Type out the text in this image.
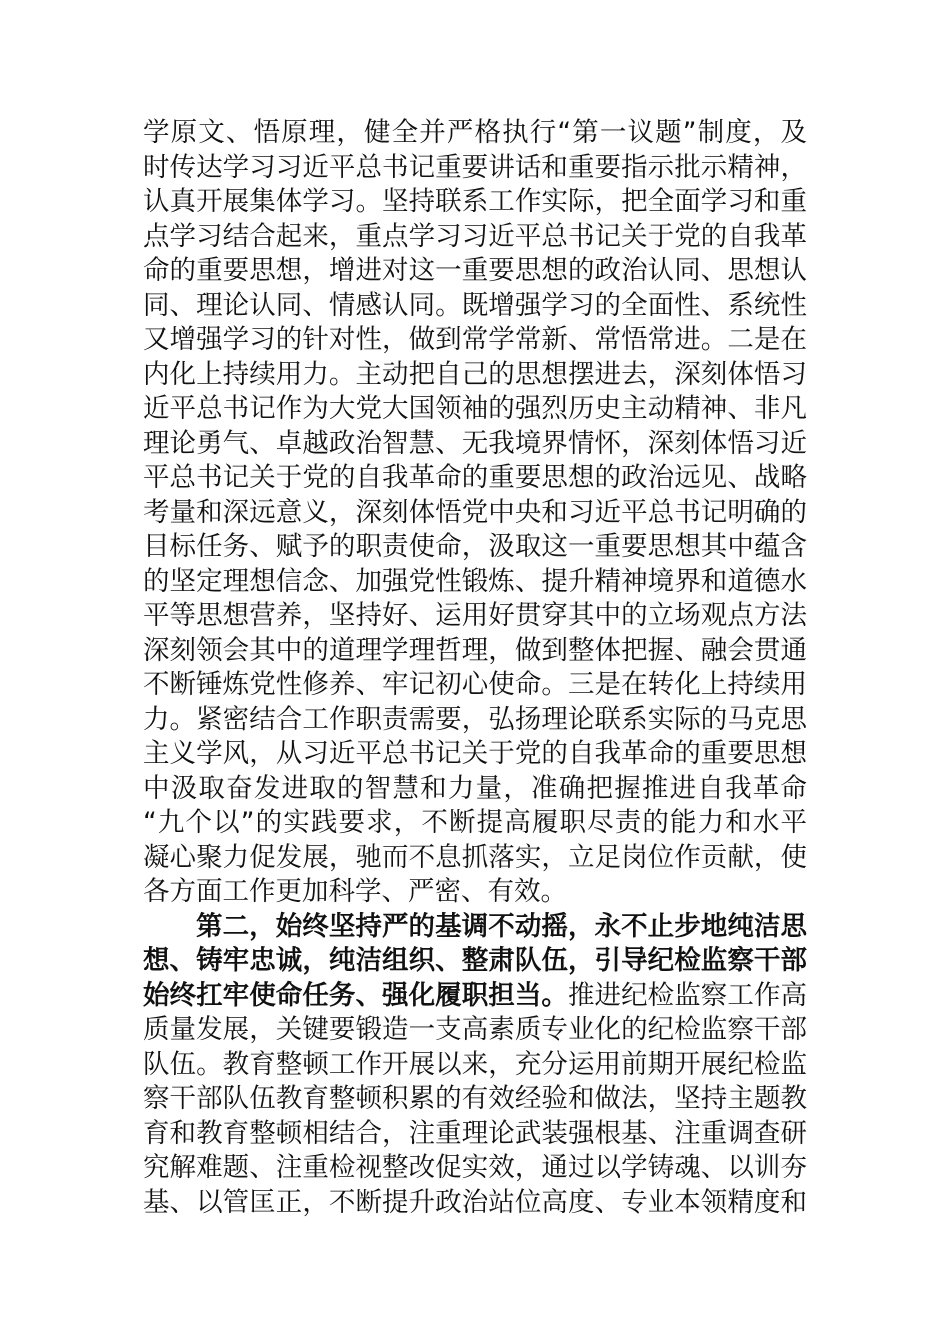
学原文、悟原理，健全并严格执行“第一议题”制度，及
时传达学习习近平总书记重要讲话和重要指示批示精神，
认真开展集体学习。坚持联系工作实际，把全面学习和重
点学习结合起来，重点学习习近平总书记关于党的自我革
命的重要思想，增进对这一重要思想的政治认同、思想认
同、理论认同、情感认同。既增强学习的全面性、系统性
又增强学习的针对性，做到常学常新、常悟常进。二是在
内化上持续用力。主动把自己的思想摆进去，深刻体悟习
近平总书记作为大党大国领袖的强烈历史主动精神、非凡
理论勇气、卓越政治智慧、无我境界情怀，深刻体悟习近
平总书记关于党的自我革命的重要思想的政治远见、战略
考量和深远意义，深刻体悟党中央和习近平总书记明确的
目标任务、赋予的职责使命，汲取这一重要思想其中蕴含
的坚定理想信念、加强党性锻炼、提升精神境界和道德水
平等思想营养，坚持好、运用好贯穿其中的立场观点方法
深刻领会其中的道理学理哲理，做到整体把握、融会贯通
不断锤炼党性修养、牢记初心使命。三是在转化上持续用
力。紧密结合工作职责需要，弘扬理论联系实际的马克思
主义学风，从习近平总书记关于党的自我革命的重要思想
中汲取奋发进取的智慧和力量，准确把握推进自我革命
“九个以”的实践要求，不断提高履职尽责的能力和水平
凝心聚力促发展，驰而不息抓落实，立足岗位作贡献，使
各方面工作更加科学、严密、有效。
第二，始终坚持严的基调不动摇，永不止步地纯洁思
想、铸牢忠诚，纯洁组织、整肃队伍，引导纪检监察干部
始终扛牢使命任务、强化履职担当。推进纪检监察工作高
质量发展，关键要锻造一支高素质专业化的纪检监察干部
队伍。教育整顿工作开展以来，充分运用前期开展纪检监
察干部队伍教育整顿积累的有效经验和做法，坚持主题教
育和教育整顿相结合，注重理论武装强根基、注重调查研
究解难题、注重检视整改促实效，通过以学铸魂、以训夯
基、以管匡正，不断提升政治站位高度、专业本领精度和
